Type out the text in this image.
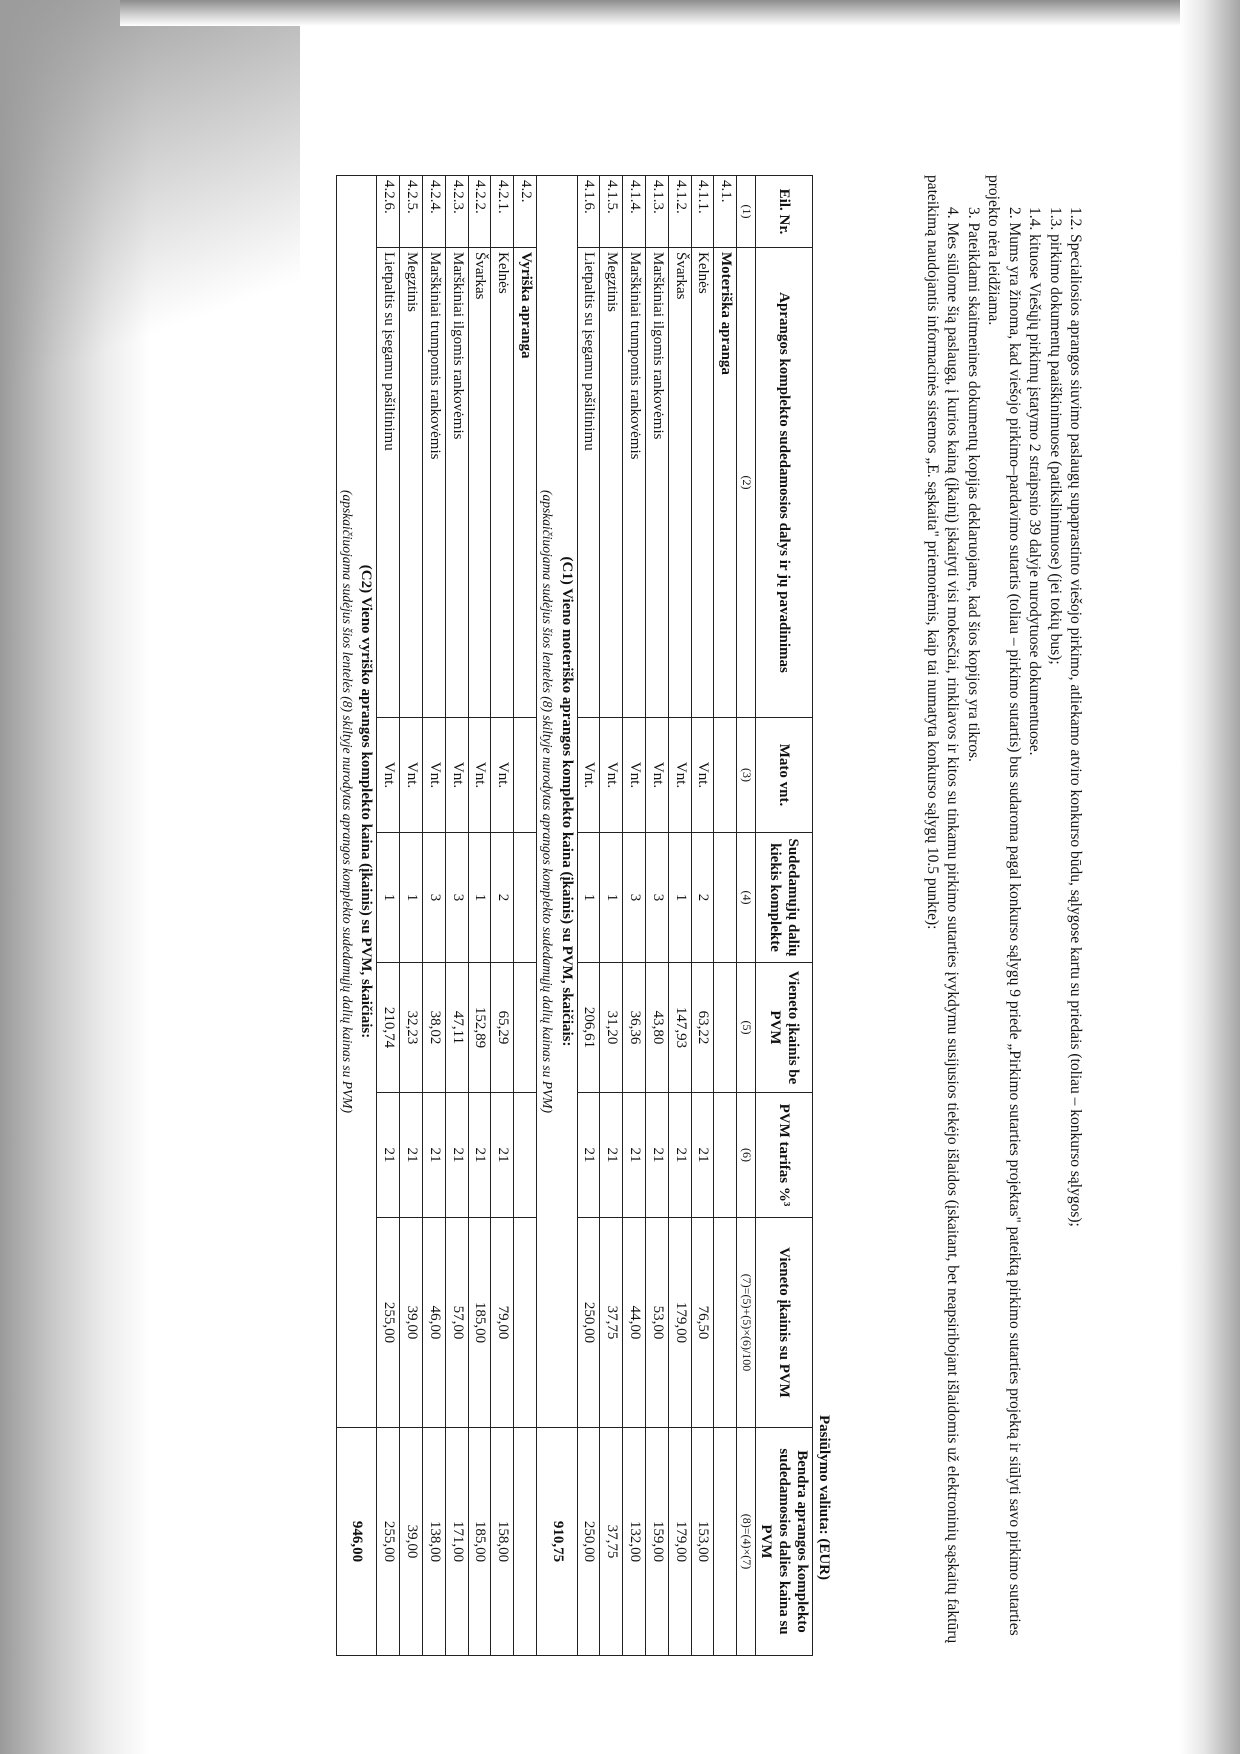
1.2. Specialiosios aprangos siuvimo paslaugų supaprastinto viešojo pirkimo, atliekamo atviro konkurso būdu, sąlygose kartu su priedais (toliau – konkurso sąlygos);

1.3. pirkimo dokumentų paaiškinimuose (patikslinimuose) (jei tokių bus);

1.4. kituose Viešųjų pirkimų įstatymo 2 straipsnio 39 dalyje nurodytuose dokumentuose.

2. Mums yra žinoma, kad viešojo pirkimo–pardavimo sutartis (toliau – pirkimo sutartis) bus sudaroma pagal konkurso sąlygų 9 priede „Pirkimo sutarties projektas" pateiktą pirkimo sutarties projektą ir siūlyti savo pirkimo sutarties projekto nėra leidžiama.

3. Pateikdami skaitmenines dokumentų kopijas deklaruojame, kad šios kopijos yra tikros.

4. Mes siūlome šią paslaugą, į kurios kainą (įkainį) įskaityti visi mokesčiai, rinkliavos ir kitos su tinkamu pirkimo sutarties įvykdymu susijusios tiekėjo išlaidos (įskaitant, bet neapsiribojant išlaidomis už elektroninių sąskaitų faktūrų pateikimą naudojantis informacinės sistemos „E. sąskaita" priemonėmis, kaip tai numatyta konkurso sąlygų 10.5 punkte):

Pasiūlymo valiuta: (EUR)
Eil. Nr.	Aprangos komplekto sudedamosios dalys ir jų pavadinimas	Mato vnt.	Sudedamųjų dalių kiekis komplekte	Vieneto įkainis be PVM	PVM tarifas %³	Vieneto įkainis su PVM	Bendra aprangos komplekto sudedamosios dalies kaina su PVM
(1)	(2)	(3)	(4)	(5)	(6)	(7)=(5)+(5)×(6)/100	(8)=(4)×(7)
4.1.	Moteriška apranga						
4.1.1.	Kelnės	Vnt.	2	63,22	21	76,50	153,00
4.1.2.	Švarkas	Vnt.	1	147,93	21	179,00	179,00
4.1.3.	Marškiniai ilgomis rankovėmis	Vnt.	3	43,80	21	53,00	159,00
4.1.4.	Marškiniai trumpomis rankovėmis	Vnt.	3	36,36	21	44,00	132,00
4.1.5.	Megztinis	Vnt.	1	31,20	21	37,75	37,75
4.1.6.	Lietpaltis su įsegamu pašiltinimu	Vnt.	1	206,61	21	250,00	250,00
(C1) Vieno moteriško aprangos komplekto kaina (įkainis) su PVM, skaičiais:
(apskaičiuojama sudėjus šios lentelės (8) skiltyje nurodytas aprangos komplekto sudedamųjų dalių kainas su PVM)							910,75
4.2.	Vyriška apranga						
4.2.1.	Kelnės	Vnt.	2	65,29	21	79,00	158,00
4.2.2.	Švarkas	Vnt.	1	152,89	21	185,00	185,00
4.2.3.	Marškiniai ilgomis rankovėmis	Vnt.	3	47,11	21	57,00	171,00
4.2.4.	Marškiniai trumpomis rankovėmis	Vnt.	3	38,02	21	46,00	138,00
4.2.5.	Megztinis	Vnt.	1	32,23	21	39,00	39,00
4.2.6.	Lietpaltis su įsegamu pašiltinimu	Vnt.	1	210,74	21	255,00	255,00
(C2) Vieno vyriško aprangos komplekto kaina (įkainis) su PVM, skaičiais:
(apskaičiuojama sudėjus šios lentelės (8) skiltyje nurodytas aprangos komplekto sudedamųjų dalių kainas su PVM)							946,00
